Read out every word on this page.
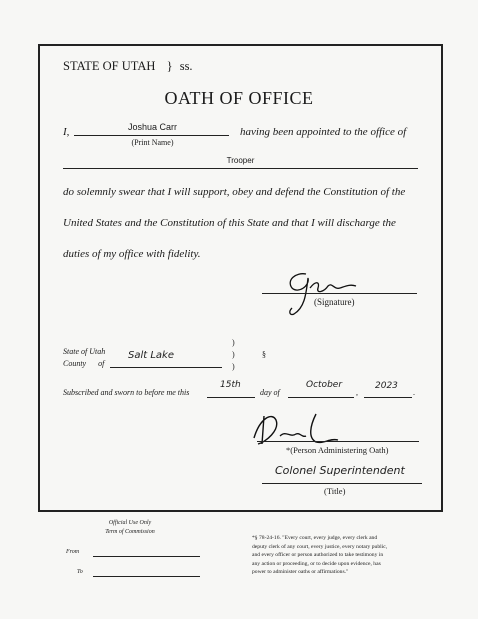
STATE OF UTAH } ss.
OATH OF OFFICE
I,	Joshua Carr
(Print Name)
having been appointed to the office of
Trooper
do solemnly swear that I will support, obey and defend the Constitution of the
United States and the Constitution of this State and that I will discharge the
duties of my office with fidelity.
(Signature)
State of Utah
County of
Salt Lake
)
)
)
§
Subscribed and sworn to before me this
15th
day of
October
,
2023
.
*(Person Administering Oath)
Colonel Superintendent
(Title)
Official Use Only
Term of Commission
From
To
*§ 78-24-16. "Every court, every judge, every clerk and
deputy clerk of any court, every justice, every notary public,
and every officer or person authorized to take testimony in
any action or proceeding, or to decide upon evidence, has
power to administer oaths or affirmations."
